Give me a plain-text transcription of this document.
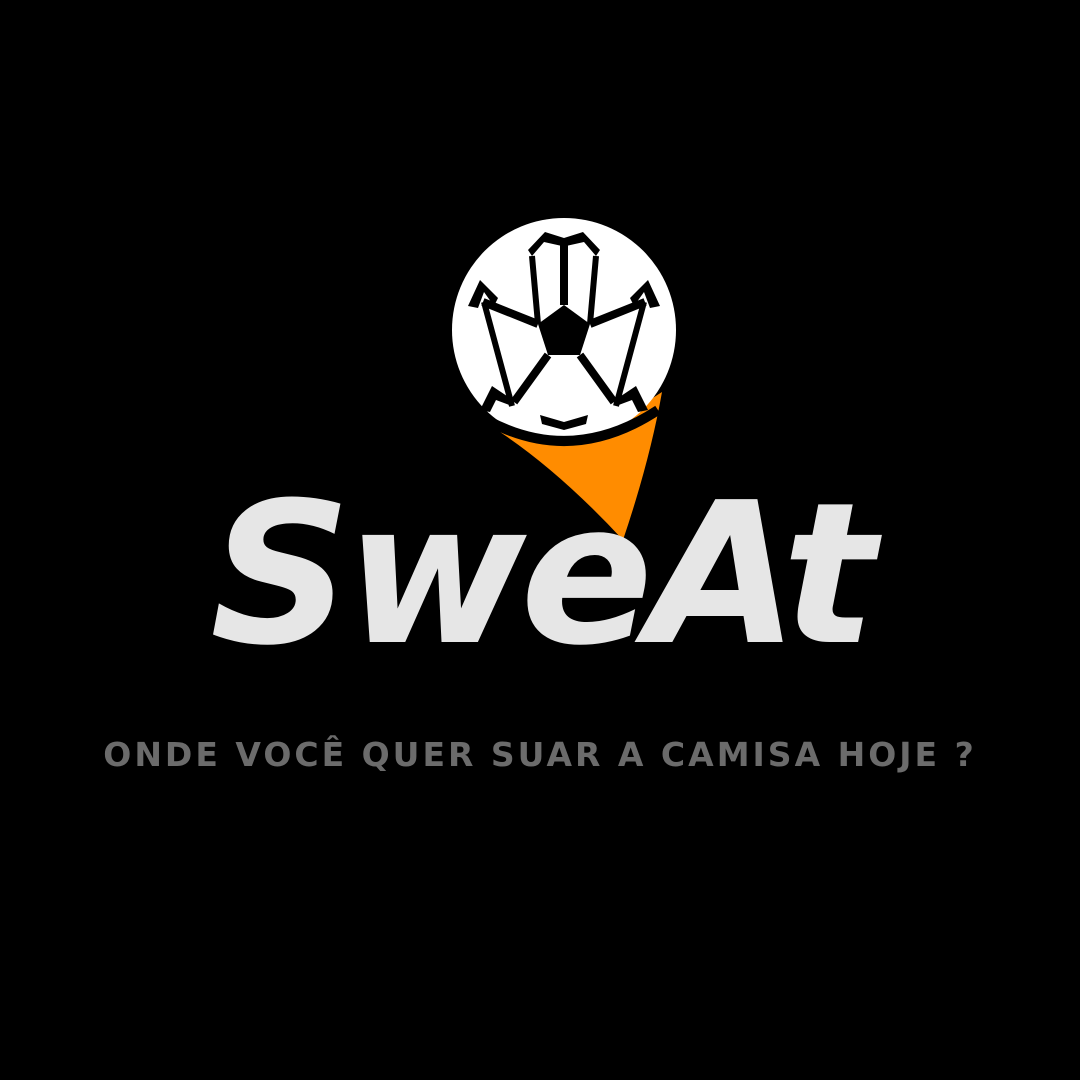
SweAt

ONDE VOCÊ QUER SUAR A CAMISA HOJE ?
